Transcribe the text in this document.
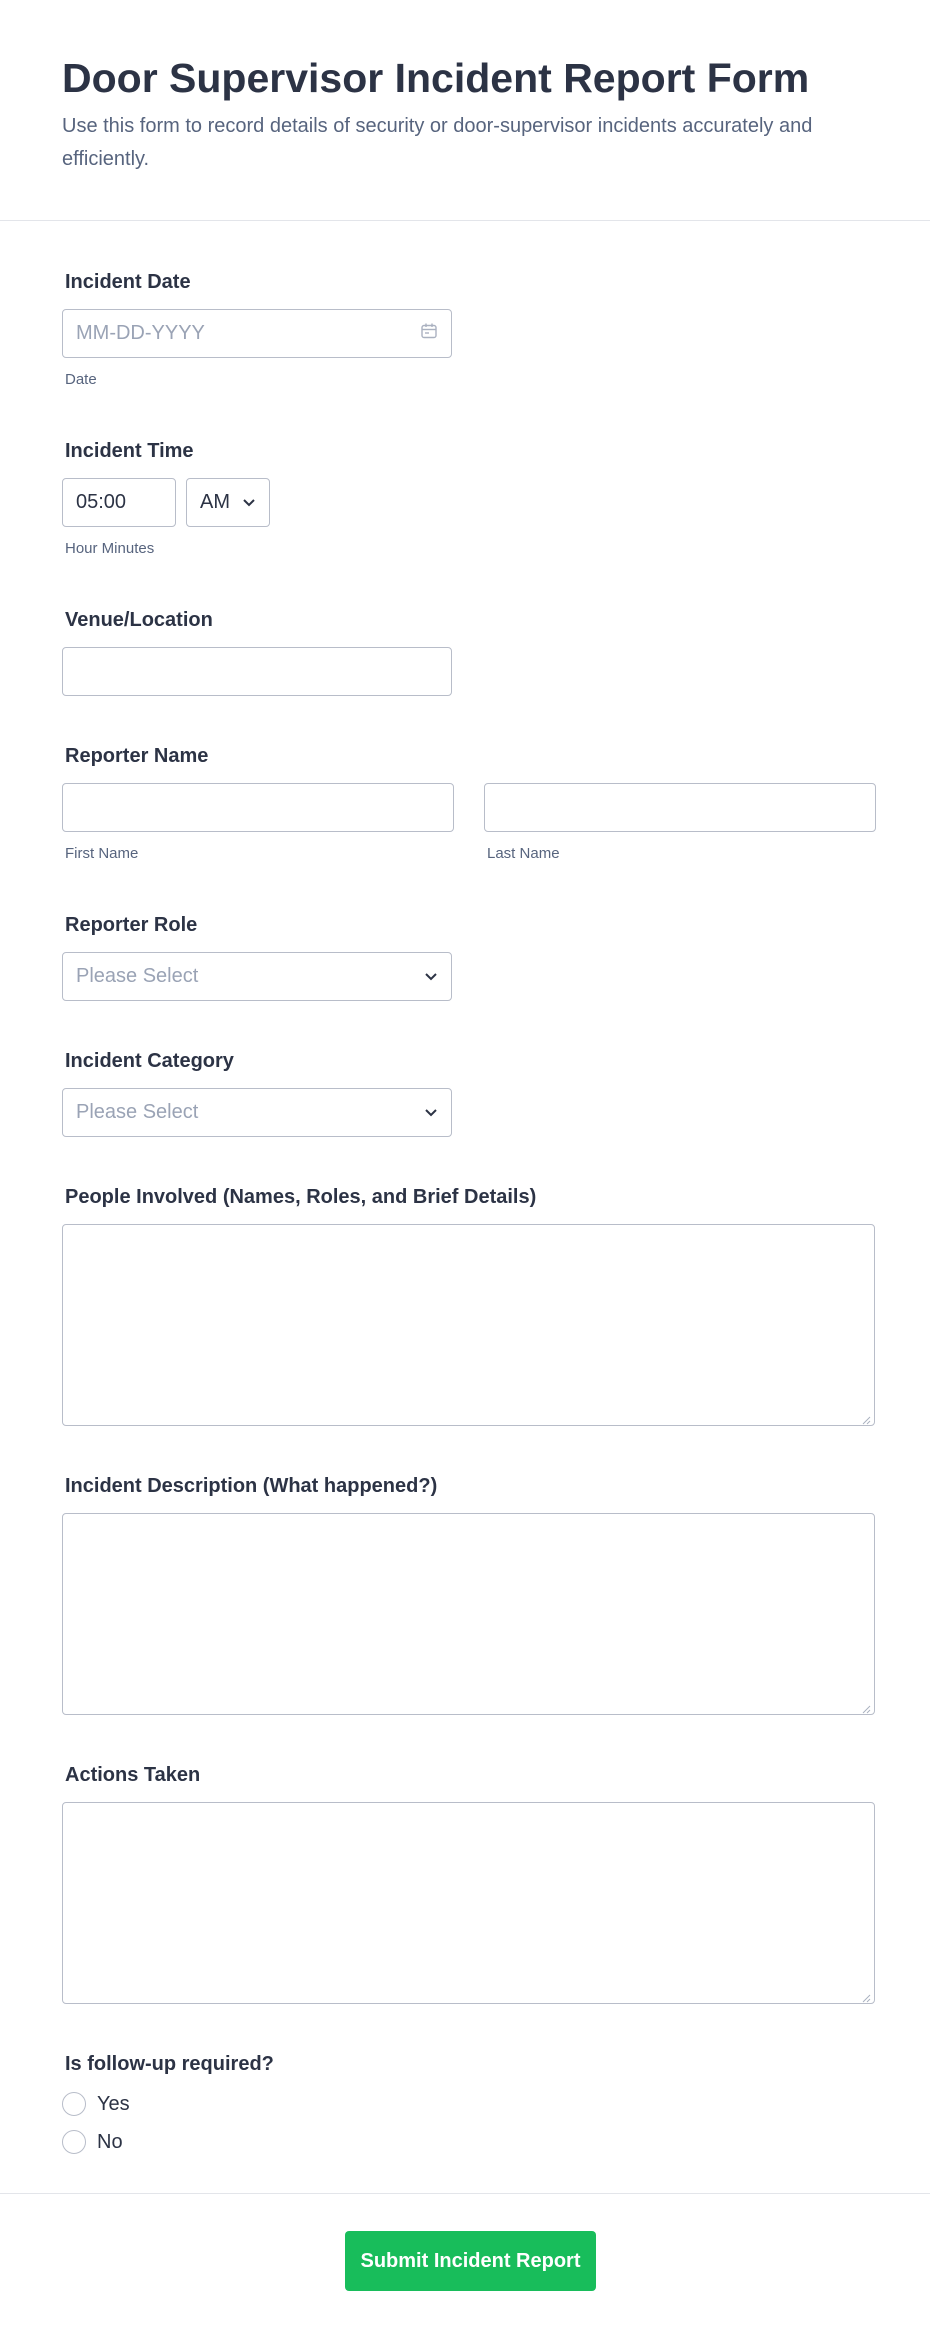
Door Supervisor Incident Report Form

Use this form to record details of security or door-supervisor incidents accurately and efficiently.

Incident Date
MM-DD-YYYY
Date
Incident Time
05:00	AM
Hour Minutes
Venue/Location
Reporter Name
First Name	Last Name
Reporter Role
Please Select
Incident Category
Please Select
People Involved (Names, Roles, and Brief Details)
Incident Description (What happened?)
Actions Taken
Is follow-up required?
Yes
No
Submit Incident Report
